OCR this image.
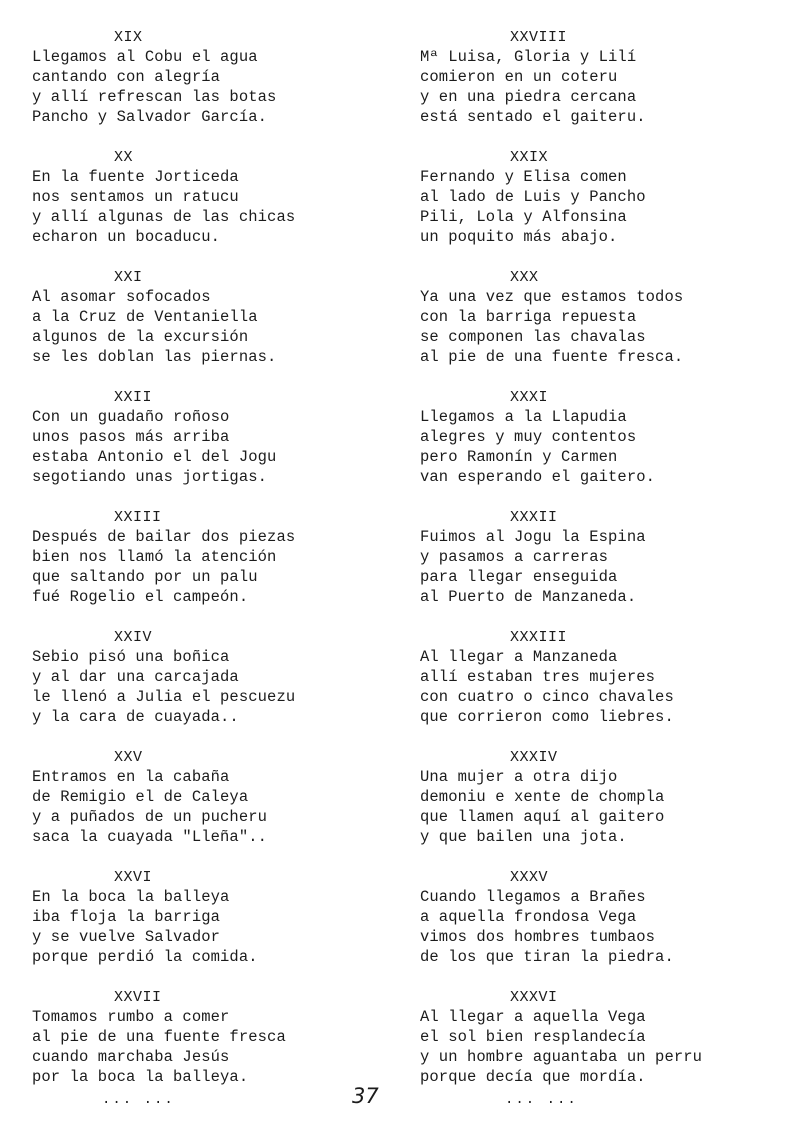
XIX
Llegamos al Cobu el agua
cantando con alegría
y allí refrescan las botas
Pancho y Salvador García.
XX
En la fuente Jorticeda
nos sentamos un ratucu
y allí algunas de las chicas
echaron un bocaducu.
XXI
Al asomar sofocados
a la Cruz de Ventaniella
algunos de la excursión
se les doblan las piernas.
XXII
Con un guadaño roñoso
unos pasos más arriba
estaba Antonio el del Jogu
segotiando unas jortigas.
XXIII
Después de bailar dos piezas
bien nos llamó la atención
que saltando por un palu
fué Rogelio el campeón.
XXIV
Sebio pisó una boñica
y al dar una carcajada
le llenó a Julia el pescuezu
y la cara de cuayada..
XXV
Entramos en la cabaña
de Remigio el de Caleya
y a puñados de un pucheru
saca la cuayada "Lleña"..
XXVI
En la boca la balleya
iba floja la barriga
y se vuelve Salvador
porque perdió la comida.
XXVII
Tomamos rumbo a comer
al pie de una fuente fresca
cuando marchaba Jesús
por la boca la balleya.
XXVIII
Mª Luisa, Gloria y Lilí
comieron en un coteru
y en una piedra cercana
está sentado el gaiteru.
XXIX
Fernando y Elisa comen
al lado de Luis y Pancho
Pili, Lola y Alfonsina
un poquito más abajo.
XXX
Ya una vez que estamos todos
con la barriga repuesta
se componen las chavalas
al pie de una fuente fresca.
XXXI
Llegamos a la Llapudia
alegres y muy contentos
pero Ramonín y Carmen
van esperando el gaitero.
XXXII
Fuimos al Jogu la Espina
y pasamos a carreras
para llegar enseguida
al Puerto de Manzaneda.
XXXIII
Al llegar a Manzaneda
allí estaban tres mujeres
con cuatro o cinco chavales
que corrieron como liebres.
XXXIV
Una mujer a otra dijo
demoniu e xente de chompla
que llamen aquí al gaitero
y que bailen una jota.
XXXV
Cuando llegamos a Brañes
a aquella frondosa Vega
vimos dos hombres tumbaos
de los que tiran la piedra.
XXXVI
Al llegar a aquella Vega
el sol bien resplandecía
y un hombre aguantaba un perru
porque decía que mordía.
... ...	37	... ...
